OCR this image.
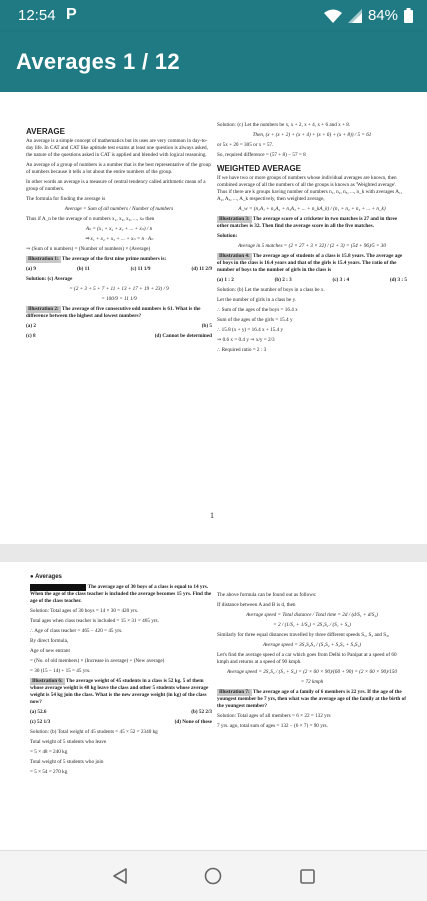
12:54 P	84%
Averages 1 / 12
AVERAGE

An average is a simple concept of mathematics but its uses are very common in day-to-day life. In CAT and CAT like aptitude test exams at least one question is always asked, the nature of the questions asked in CAT is applied and blended with logical reasoning.

An average of a group of numbers is a number that is the best representative of the group of numbers because it tells a lot about the entire numbers of the group.

In other words an average is a measure of central tendency called arithmetic mean of a group of numbers.

The formula for finding the average is

Average = Sum of all numbers / Number of numbers

Thus if A_n be the average of n numbers x₁, x₂, x₃, ..., xₙ then

Aₙ = (x₁ + x₂ + x₃ + ... + xₙ) / n
⇒ x₁ + x₂ + x₃ + ... + xₙ = n · Aₙ

⇒ (Sum of n numbers) = (Number of numbers) × (Average)

Illustration 1: The average of the first nine prime numbers is:

(a) 9	(b) 11	(c) 11 1/9	(d) 11 2/9

Solution: (c) Average

= (2 + 3 + 5 + 7 + 11 + 13 + 17 + 19 + 23) / 9
= 100/9 = 11 1/9

Illustration 2: The average of five consecutive odd numbers is 61. What is the difference between the highest and lowest numbers?

(a) 2	(b) 5
(c) 8	(d) Cannot be determined

Solution: (c) Let the numbers be x, x + 2, x + 4, x + 6 and x + 8.

Then, (x + (x + 2) + (x + 4) + (x + 6) + (x + 8)) / 5 = 61

or 5x + 20 = 305 or x = 57.

So, required difference = (57 + 8) − 57 = 8

WEIGHTED AVERAGE

If we have two or more groups of numbers whose individual averages are known, then combined average of all the numbers of all the groups is known as 'Weighted average'. Thus if there are k groups having number of numbers n₁, n₂, n₃, ..., n_k with averages A₁, A₂, A₃, ..., A_k respectively, then weighted average,

A_w = (n₁A₁ + n₂A₂ + n₃A₃ + ... + n_kA_k) / (n₁ + n₂ + n₃ + ... + n_k)

Illustration 3: The average score of a cricketer in two matches is 27 and in three other matches is 32. Then find the average score in all the five matches.

Solution:

Average in 5 matches = (2 × 27 + 3 × 32) / (2 + 3) = (54 + 96)/5 = 30

Illustration 4: The average age of students of a class is 15.8 years. The average age of boys in the class is 16.4 years and that of the girls is 15.4 years. The ratio of the number of boys to the number of girls in the class is

(a) 1 : 2	(b) 2 : 3	(c) 3 : 4	(d) 3 : 5

Solution: (b) Let the number of boys in a class be x.

Let the number of girls in a class be y.

∴ Sum of the ages of the boys = 16.4 x

Sum of the ages of the girls = 15.4 y

∴ 15.8 (x + y) = 16.4 x + 15.4 y

⇒ 0.6 x = 0.4 y ⇒ x/y = 2/3

∴ Required ratio = 2 : 3

1

● Averages

XXXXXXXXXXXXXX The average age of 30 boys of a class is equal to 14 yrs. When the age of the class teacher is included the average becomes 15 yrs. Find the age of the class teacher.

Solution: Total ages of 30 boys = 14 × 30 = 420 yrs.

Total ages when class teacher is included = 15 × 31 = 465 yrs.

∴ Age of class teacher = 465 − 420 = 45 yrs.

By direct formula,

Age of new entrant

= (No. of old members) × (Increase in average) + (New average)

= 30 (15 − 14) + 15 = 45 yrs.

Illustration 6: The average weight of 45 students in a class is 52 kg. 5 of them whose average weight is 48 kg leave the class and other 5 students whose average weight is 54 kg join the class. What is the new average weight (in kg) of the class now?

(a) 52.6	(b) 52 2/3
(c) 52 1/3	(d) None of these

Solution: (b) Total weight of 45 students = 45 × 52 = 2340 kg

Total weight of 5 students who leave

= 5 × 48 = 240 kg

Total weight of 5 students who join

= 5 × 54 = 270 kg

The above formula can be found out as follows:

If distance between A and B is d, then

Average speed = Total distance / Total time = 2d / (d/S₁ + d/S₂)
= 2 / (1/S₁ + 1/S₂) = 2S₁S₂ / (S₁ + S₂)

Similarly for three equal distances travelled by three different speeds S₁, S₂ and S₃,

Average speed = 3S₁S₂S₃ / (S₁S₂ + S₂S₃ + S₃S₁)

Let's find the average speed of a car which goes from Delhi to Panipat at a speed of 60 kmph and returns at a speed of 90 kmph.

Average speed = 2S₁S₂ / (S₁ + S₂) = (2 × 60 × 90)/(60 + 90) = (2 × 60 × 90)/150
= 72 kmph

Illustration 7: The average age of a family of 6 members is 22 yrs. If the age of the youngest member be 7 yrs, then what was the average age of the family at the birth of the youngest member?

Solution: Total ages of all members = 6 × 22 = 132 yrs

7 yrs. ago, total sum of ages = 132 − (6 × 7) = 90 yrs.
